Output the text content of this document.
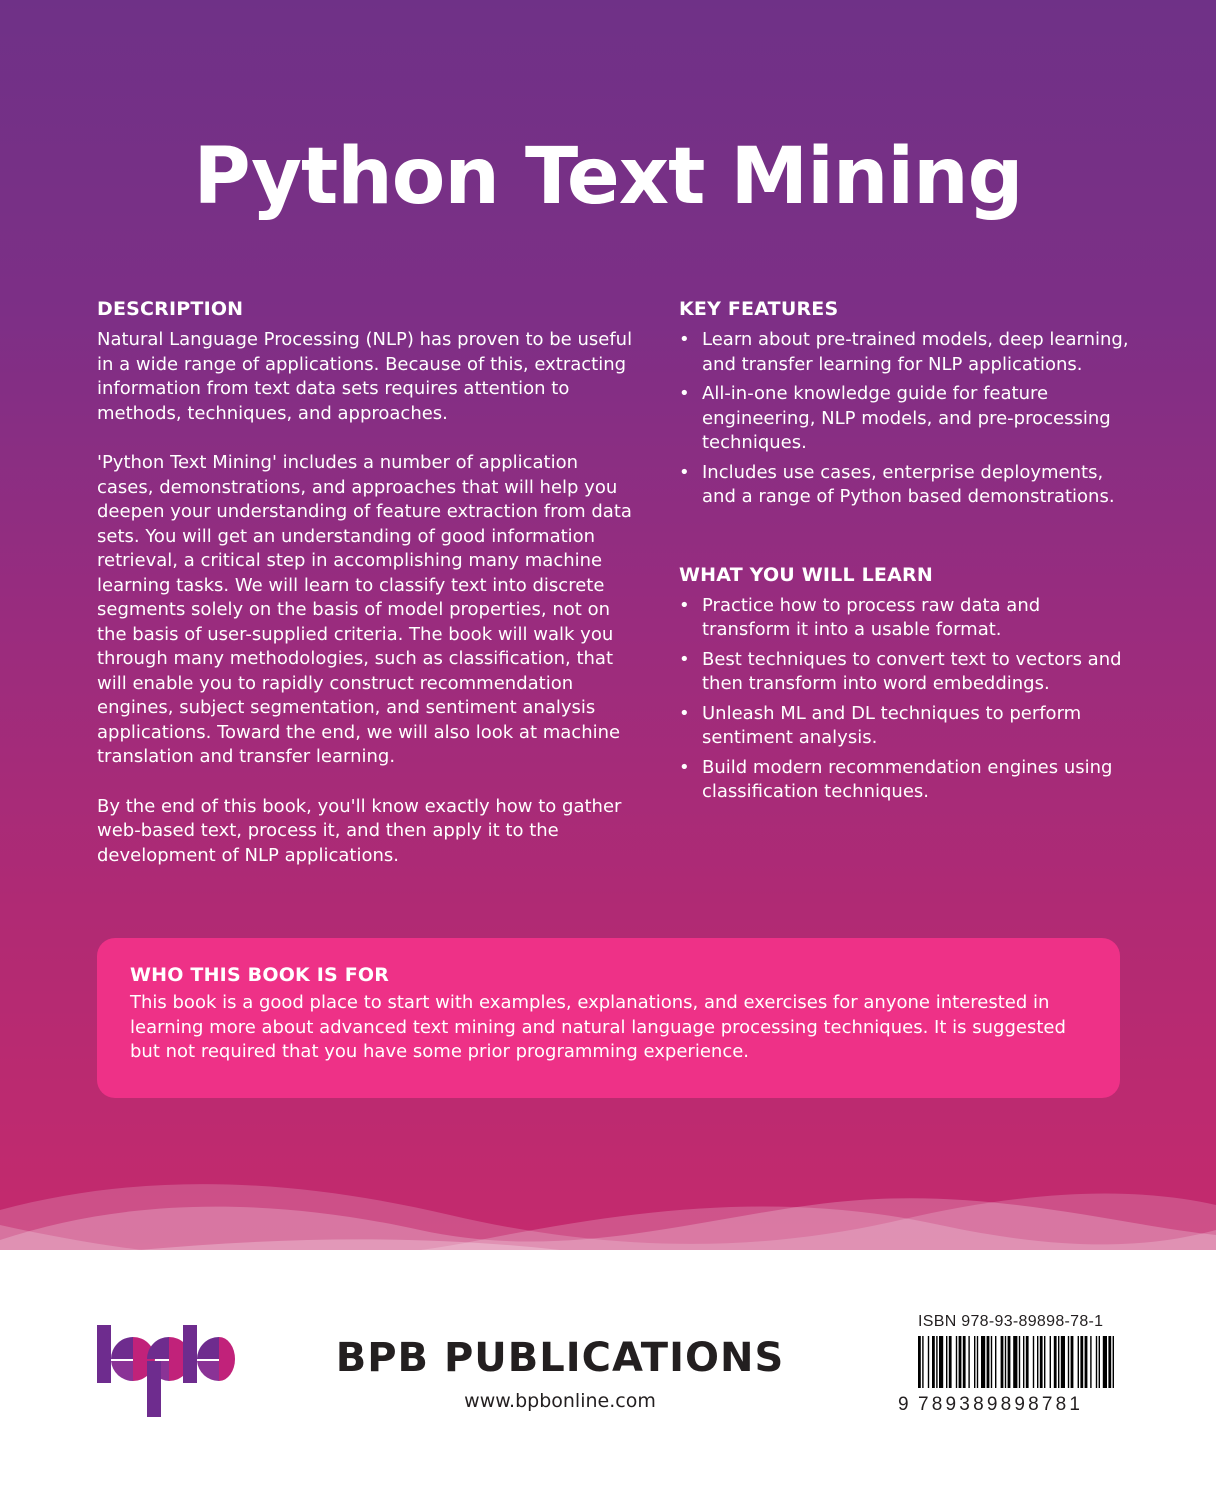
Python Text Mining
DESCRIPTION

Natural Language Processing (NLP) has proven to be useful in a wide range of applications. Because of this, extracting information from text data sets requires attention to methods, techniques, and approaches.

'Python Text Mining' includes a number of application cases, demonstrations, and approaches that will help you deepen your understanding of feature extraction from data sets. You will get an understanding of good information retrieval, a critical step in accomplishing many machine learning tasks. We will learn to classify text into discrete segments solely on the basis of model properties, not on the basis of user-supplied criteria. The book will walk you through many methodologies, such as classification, that will enable you to rapidly construct recommendation engines, subject segmentation, and sentiment analysis applications. Toward the end, we will also look at machine translation and transfer learning.

By the end of this book, you'll know exactly how to gather web-based text, process it, and then apply it to the development of NLP applications.

KEY FEATURES
• Learn about pre-trained models, deep learning, and transfer learning for NLP applications.
• All-in-one knowledge guide for feature engineering, NLP models, and pre-processing techniques.
• Includes use cases, enterprise deployments, and a range of Python based demonstrations.
WHAT YOU WILL LEARN
• Practice how to process raw data and transform it into a usable format.
• Best techniques to convert text to vectors and then transform into word embeddings.
• Unleash ML and DL techniques to perform sentiment analysis.
• Build modern recommendation engines using classification techniques.
WHO THIS BOOK IS FOR
This book is a good place to start with examples, explanations, and exercises for anyone interested in learning more about advanced text mining and natural language processing techniques. It is suggested but not required that you have some prior programming experience.
BPB PUBLICATIONS
www.bpbonline.com
ISBN 978-93-89898-78-1
9 789389898781
